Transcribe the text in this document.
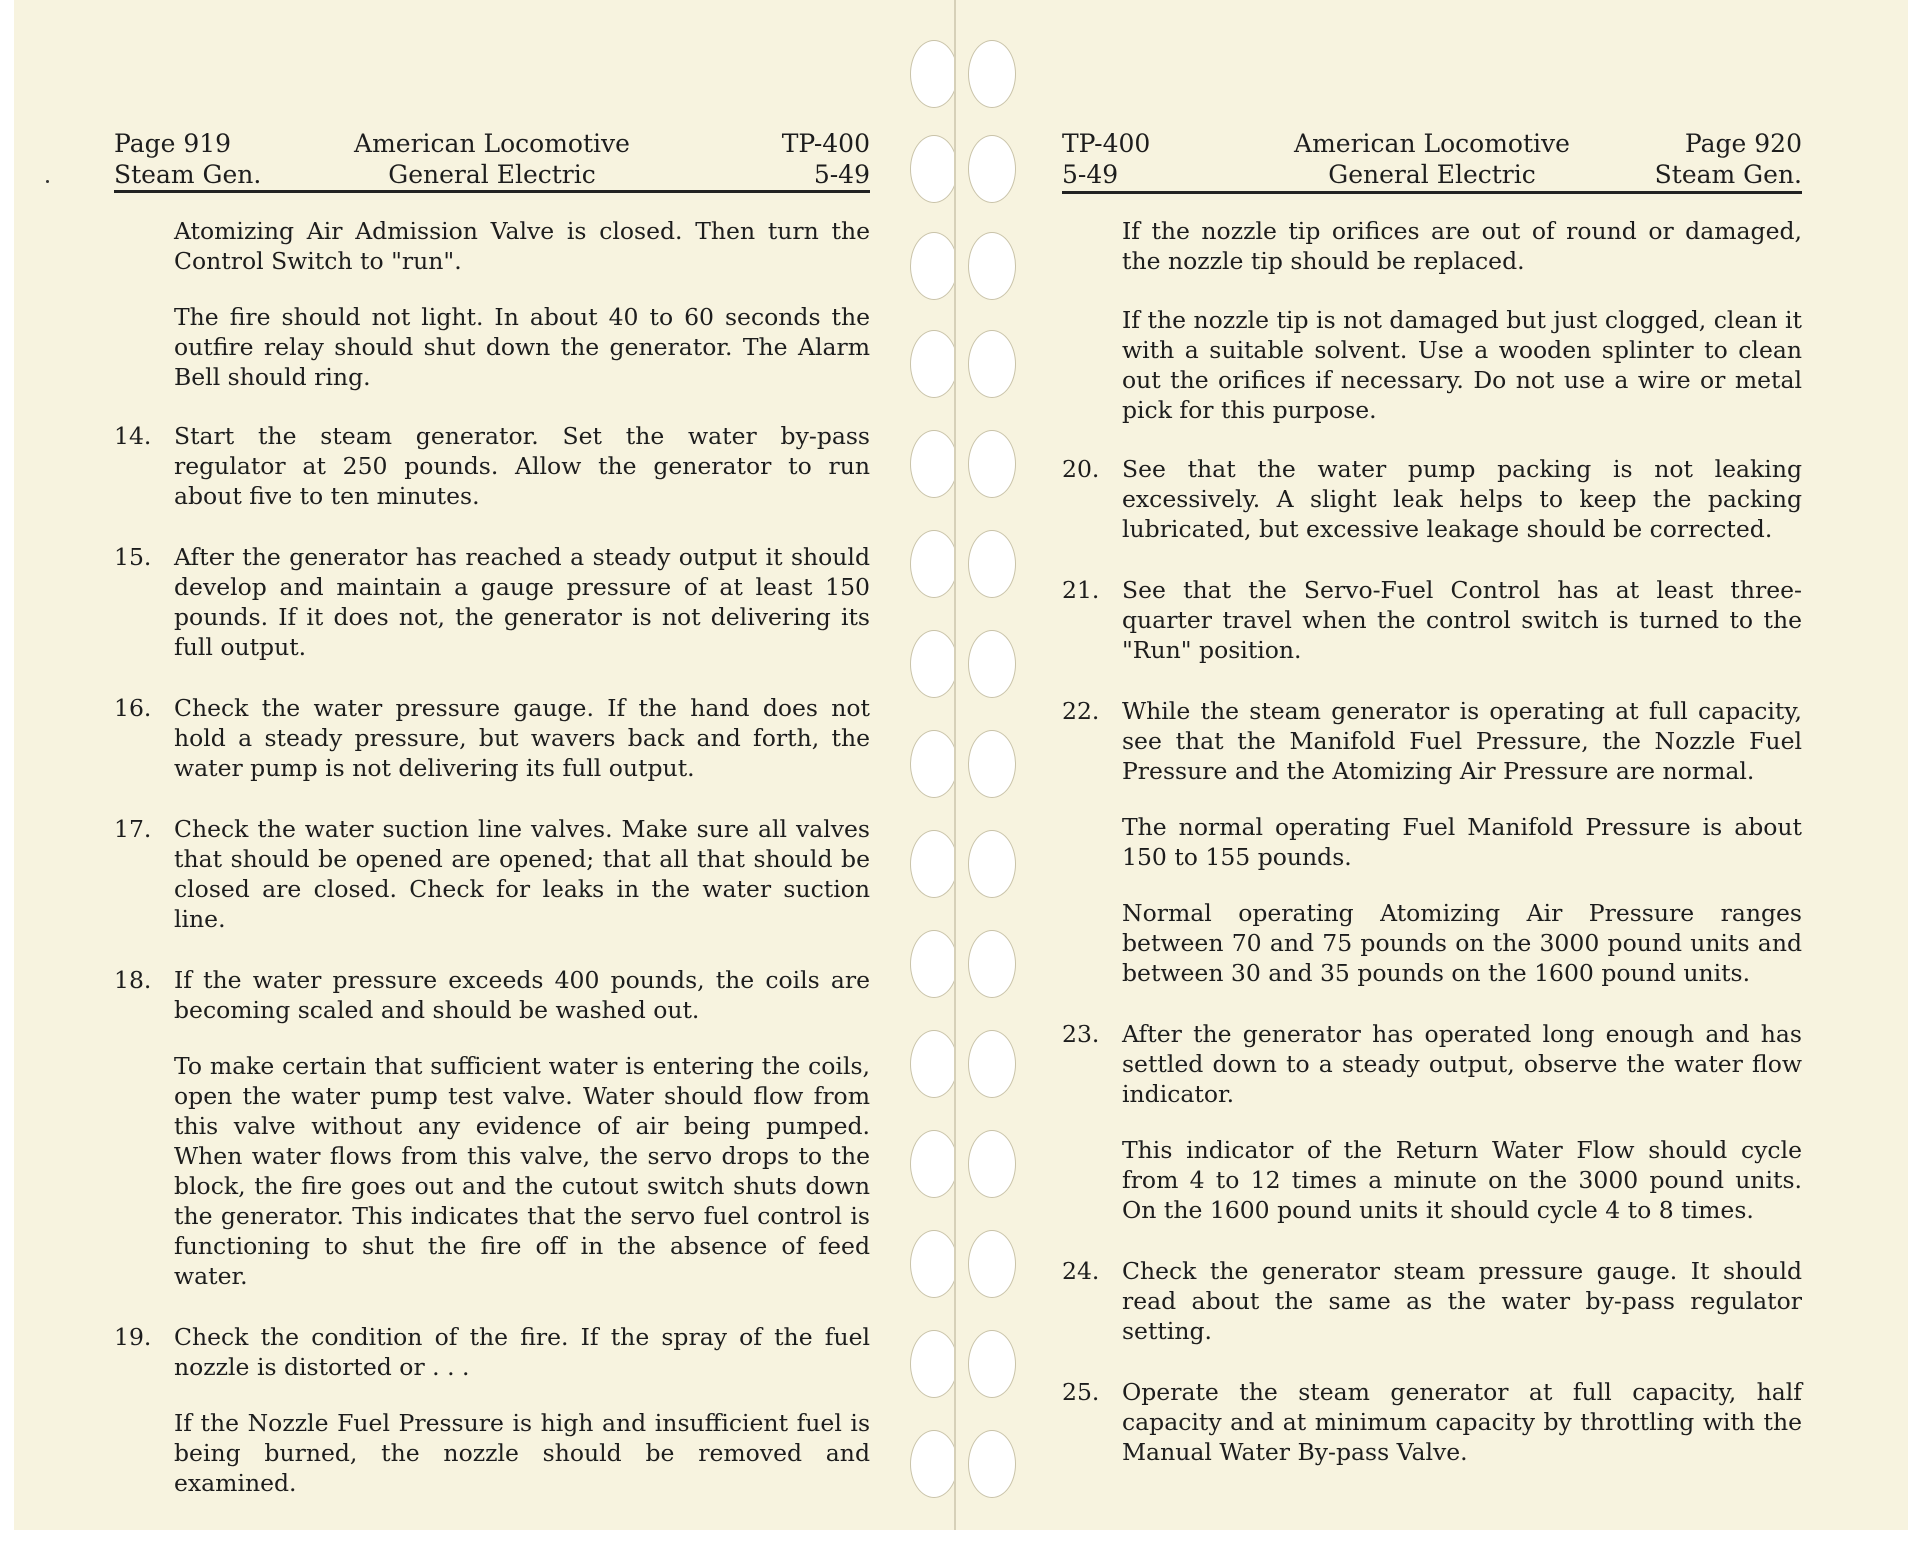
Page 919
Steam Gen.
American Locomotive
General Electric
TP-400
5-49

Atomizing Air Admission Valve is closed. Then turn the Control Switch to "run".

The fire should not light. In about 40 to 60 seconds the outfire relay should shut down the generator. The Alarm Bell should ring.

14. Start the steam generator. Set the water by-pass regulator at 250 pounds. Allow the generator to run about five to ten minutes.
15. After the generator has reached a steady output it should develop and maintain a gauge pressure of at least 150 pounds. If it does not, the generator is not delivering its full output.
16. Check the water pressure gauge. If the hand does not hold a steady pressure, but wavers back and forth, the water pump is not delivering its full output.
17. Check the water suction line valves. Make sure all valves that should be opened are opened; that all that should be closed are closed. Check for leaks in the water suction line.
18. If the water pressure exceeds 400 pounds, the coils are becoming scaled and should be washed out.
To make certain that sufficient water is entering the coils, open the water pump test valve. Water should flow from this valve without any evidence of air being pumped. When water flows from this valve, the servo drops to the block, the fire goes out and the cutout switch shuts down the generator. This indicates that the servo fuel control is functioning to shut the fire off in the absence of feed water.
19. Check the condition of the fire. If the spray of the fuel nozzle is distorted or . . .
If the Nozzle Fuel Pressure is high and insufficient fuel is being burned, the nozzle should be removed and examined.
TP-400
5-49
American Locomotive
General Electric
Page 920
Steam Gen.

If the nozzle tip orifices are out of round or damaged, the nozzle tip should be replaced.

If the nozzle tip is not damaged but just clogged, clean it with a suitable solvent. Use a wooden splinter to clean out the orifices if necessary. Do not use a wire or metal pick for this purpose.

20. See that the water pump packing is not leaking excessively. A slight leak helps to keep the packing lubricated, but excessive leakage should be corrected.
21. See that the Servo-Fuel Control has at least three-quarter travel when the control switch is turned to the "Run" position.
22. While the steam generator is operating at full capacity, see that the Manifold Fuel Pressure, the Nozzle Fuel Pressure and the Atomizing Air Pressure are normal.
The normal operating Fuel Manifold Pressure is about 150 to 155 pounds.
Normal operating Atomizing Air Pressure ranges between 70 and 75 pounds on the 3000 pound units and between 30 and 35 pounds on the 1600 pound units.
23. After the generator has operated long enough and has settled down to a steady output, observe the water flow indicator.
This indicator of the Return Water Flow should cycle from 4 to 12 times a minute on the 3000 pound units. On the 1600 pound units it should cycle 4 to 8 times.
24. Check the generator steam pressure gauge. It should read about the same as the water by-pass regulator setting.
25. Operate the steam generator at full capacity, half capacity and at minimum capacity by throttling with the Manual Water By-pass Valve.
